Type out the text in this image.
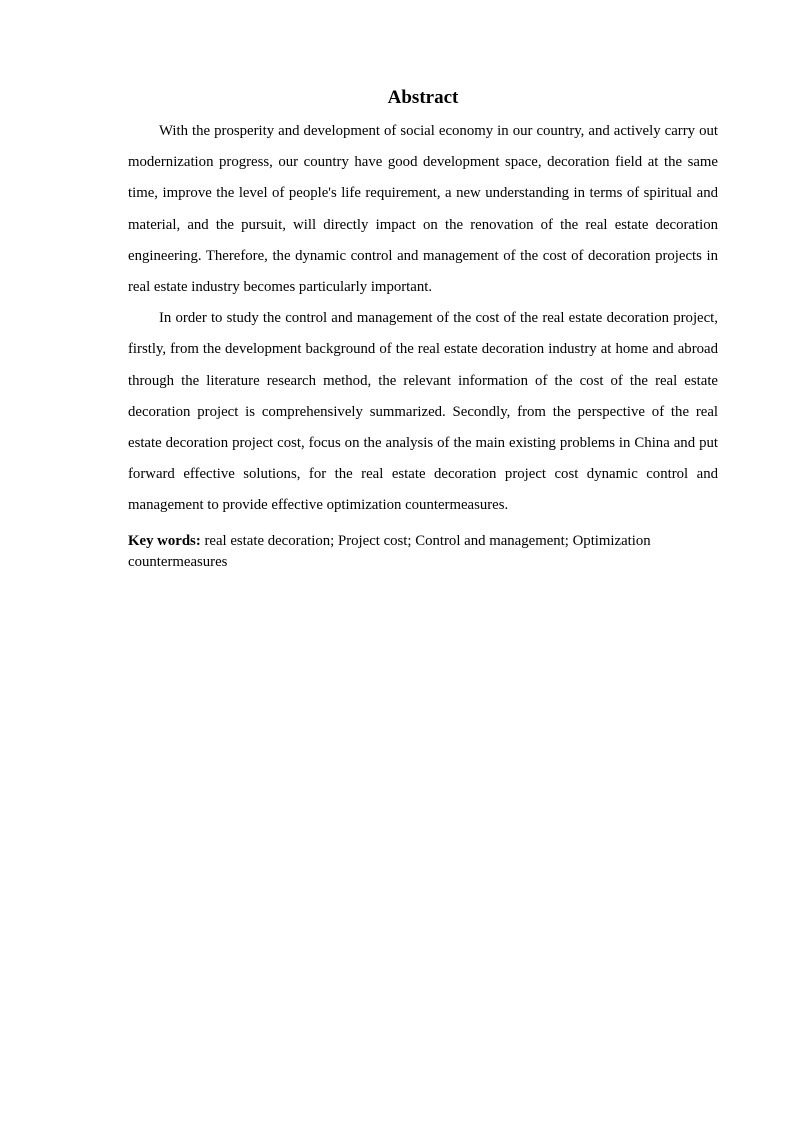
Abstract

With the prosperity and development of social economy in our country, and actively carry out modernization progress, our country have good development space, decoration field at the same time, improve the level of people's life requirement, a new understanding in terms of spiritual and material, and the pursuit, will directly impact on the renovation of the real estate decoration engineering. Therefore, the dynamic control and management of the cost of decoration projects in real estate industry becomes particularly important.

In order to study the control and management of the cost of the real estate decoration project, firstly, from the development background of the real estate decoration industry at home and abroad through the literature research method, the relevant information of the cost of the real estate decoration project is comprehensively summarized. Secondly, from the perspective of the real estate decoration project cost, focus on the analysis of the main existing problems in China and put forward effective solutions, for the real estate decoration project cost dynamic control and management to provide effective optimization countermeasures.

Key words: real estate decoration; Project cost; Control and management; Optimization countermeasures
